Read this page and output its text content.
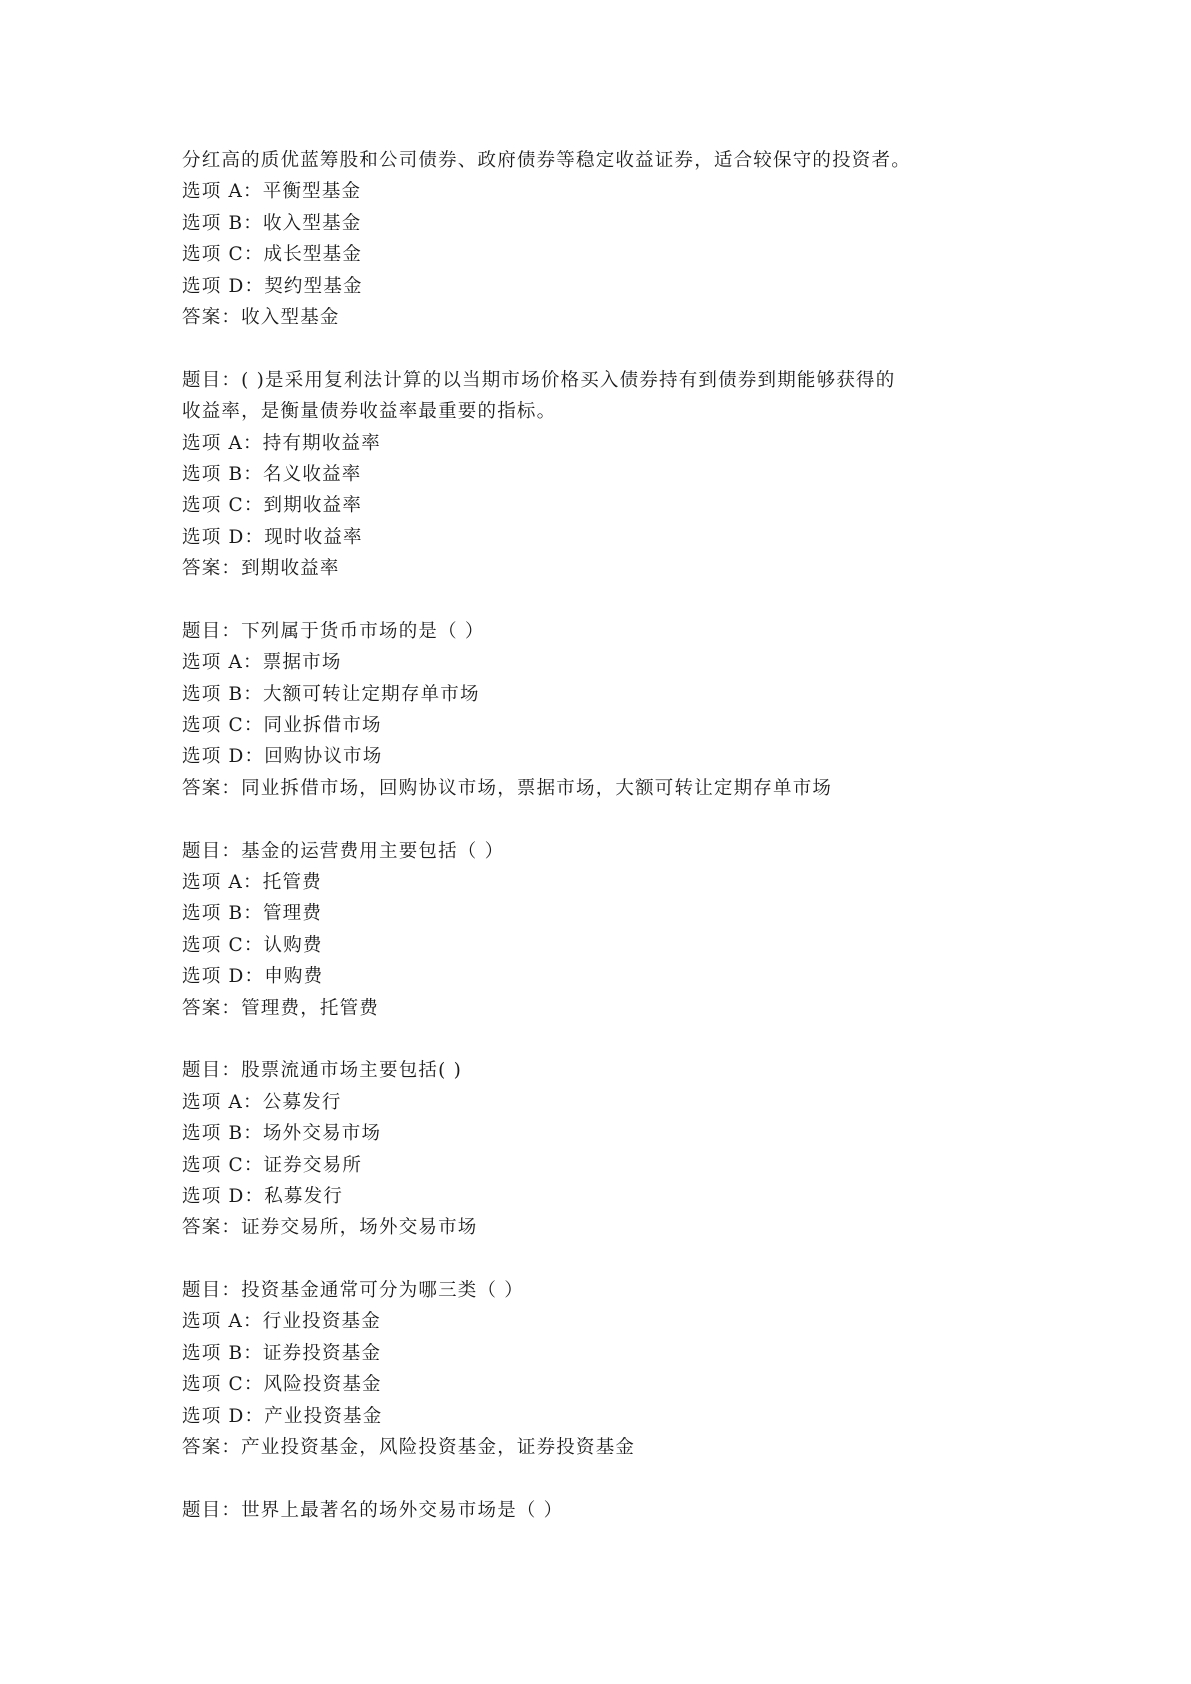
分红高的质优蓝筹股和公司债券、政府债券等稳定收益证券，适合较保守的投资者。
选项 A：平衡型基金
选项 B：收入型基金
选项 C：成长型基金
选项 D：契约型基金
答案：收入型基金
题目：( )是采用复利法计算的以当期市场价格买入债券持有到债券到期能够获得的
收益率，是衡量债券收益率最重要的指标。
选项 A：持有期收益率
选项 B：名义收益率
选项 C：到期收益率
选项 D：现时收益率
答案：到期收益率
题目：下列属于货币市场的是（ ）
选项 A：票据市场
选项 B：大额可转让定期存单市场
选项 C：同业拆借市场
选项 D：回购协议市场
答案：同业拆借市场，回购协议市场，票据市场，大额可转让定期存单市场
题目：基金的运营费用主要包括（ ）
选项 A：托管费
选项 B：管理费
选项 C：认购费
选项 D：申购费
答案：管理费，托管费
题目：股票流通市场主要包括( )
选项 A：公募发行
选项 B：场外交易市场
选项 C：证券交易所
选项 D：私募发行
答案：证券交易所，场外交易市场
题目：投资基金通常可分为哪三类（ ）
选项 A：行业投资基金
选项 B：证券投资基金
选项 C：风险投资基金
选项 D：产业投资基金
答案：产业投资基金，风险投资基金，证券投资基金
题目：世界上最著名的场外交易市场是（ ）
